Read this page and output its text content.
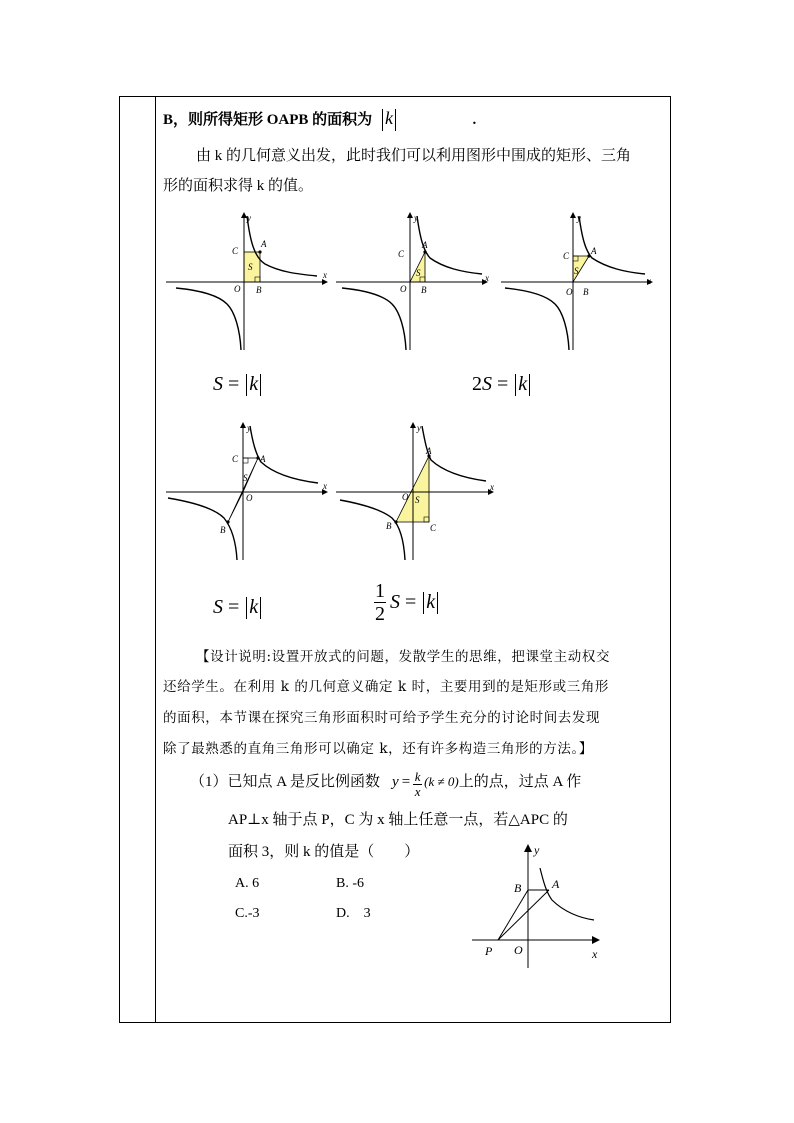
B，则所得矩形 OAPB 的面积为 k	.
由 k 的几何意义出发，此时我们可以利用图形中围成的矩形、三角
形的面积求得 k 的值。
x
y
A
C
S
O B
x
y
A
C
S
O B
x
y
A
C
S
O B
S = k	2S = k
x
y
A
C
S
O
B
x
y
A
O S
B	C
S = k
1
2
S = k
【设计说明:设置开放式的问题，发散学生的思维，把课堂主动权交
还给学生。在利用 k 的几何意义确定 k 时，主要用到的是矩形或三角形
的面积，本节课在探究三角形面积时可给予学生充分的讨论时间去发现
除了最熟悉的直角三角形可以确定 k，还有许多构造三角形的方法。】
（1）已知点 A 是反比例函数 y = k
x
(k ≠ 0) 上的点，过点 A 作
AP⊥x 轴于点 P，C 为 x 轴上任意一点，若△APC 的
面积 3，则 k 的值是（　　）
A. 6	B. -6
C.-3	D.　3
y
A
B
P O	x
